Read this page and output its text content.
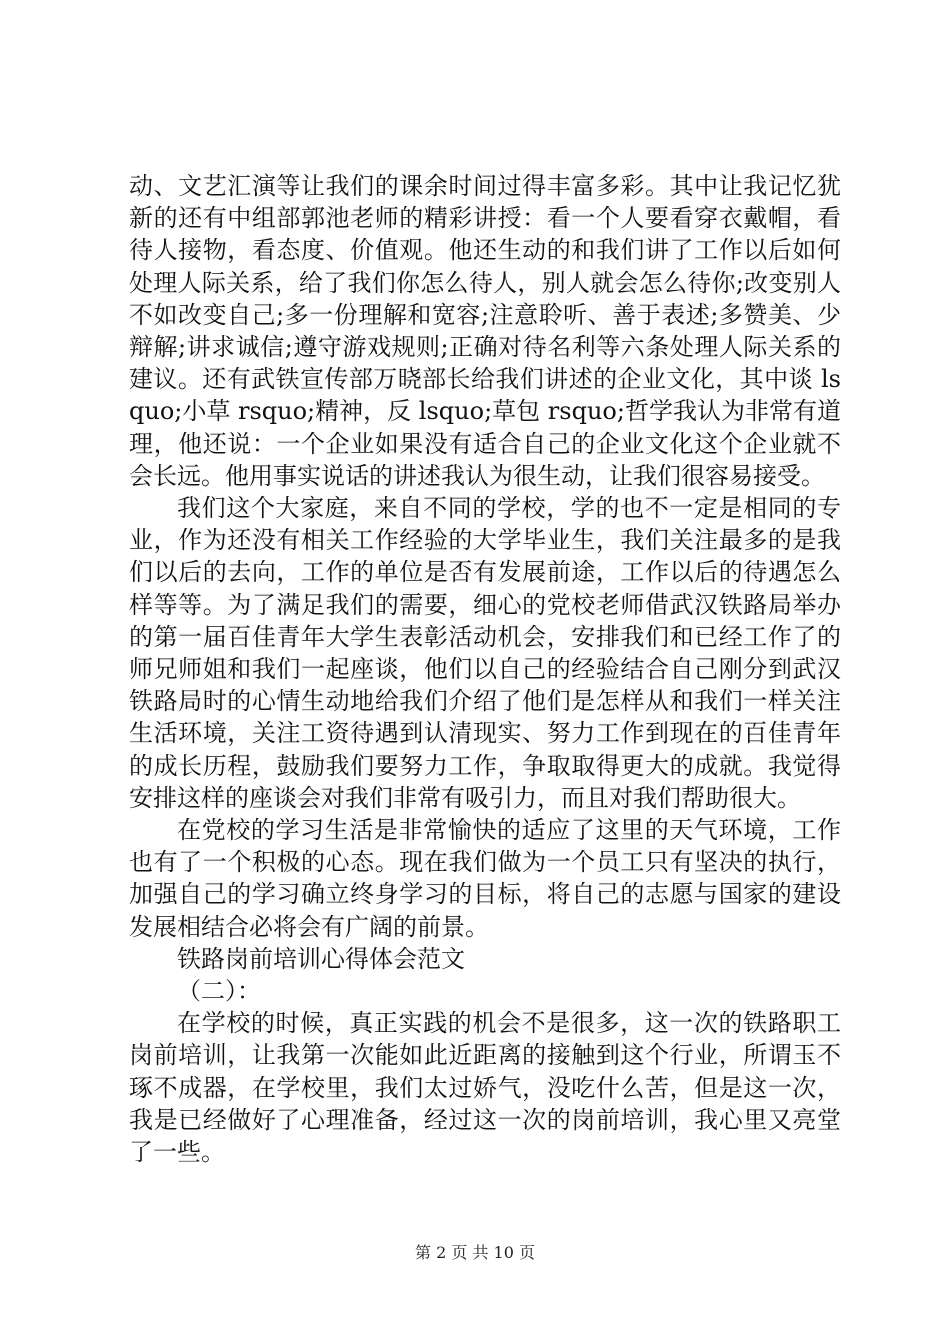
动、文艺汇演等让我们的课余时间过得丰富多彩。其中让我记忆犹新的还有中组部郭池老师的精彩讲授：看一个人要看穿衣戴帽，看待人接物，看态度、价值观。他还生动的和我们讲了工作以后如何处理人际关系，给了我们你怎么待人，别人就会怎么待你;改变别人不如改变自己;多一份理解和宽容;注意聆听、善于表述;多赞美、少辩解;讲求诚信;遵守游戏规则;正确对待名利等六条处理人际关系的建议。还有武铁宣传部万晓部长给我们讲述的企业文化，其中谈 lsquo;小草 rsquo;精神，反 lsquo;草包 rsquo;哲学我认为非常有道理，他还说：一个企业如果没有适合自己的企业文化这个企业就不会长远。他用事实说话的讲述我认为很生动，让我们很容易接受。

我们这个大家庭，来自不同的学校，学的也不一定是相同的专业，作为还没有相关工作经验的大学毕业生，我们关注最多的是我们以后的去向，工作的单位是否有发展前途，工作以后的待遇怎么样等等。为了满足我们的需要，细心的党校老师借武汉铁路局举办的第一届百佳青年大学生表彰活动机会，安排我们和已经工作了的师兄师姐和我们一起座谈，他们以自己的经验结合自己刚分到武汉铁路局时的心情生动地给我们介绍了他们是怎样从和我们一样关注生活环境，关注工资待遇到认清现实、努力工作到现在的百佳青年的成长历程，鼓励我们要努力工作，争取取得更大的成就。我觉得安排这样的座谈会对我们非常有吸引力，而且对我们帮助很大。

在党校的学习生活是非常愉快的适应了这里的天气环境，工作也有了一个积极的心态。现在我们做为一个员工只有坚决的执行，加强自己的学习确立终身学习的目标，将自己的志愿与国家的建设发展相结合必将会有广阔的前景。

铁路岗前培训心得体会范文

（二）：

在学校的时候，真正实践的机会不是很多，这一次的铁路职工岗前培训，让我第一次能如此近距离的接触到这个行业，所谓玉不琢不成器，在学校里，我们太过娇气，没吃什么苦，但是这一次，我是已经做好了心理准备，经过这一次的岗前培训，我心里又亮堂了一些。

第 2 页 共 10 页
